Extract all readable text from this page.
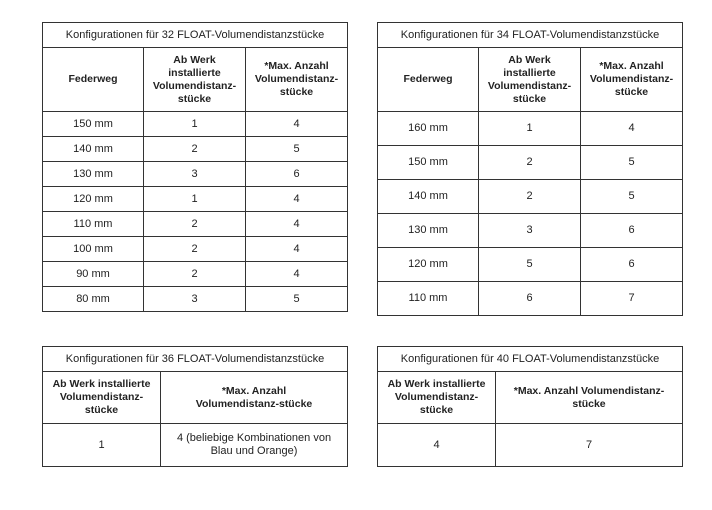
Konfigurationen für 32 FLOAT-Volumendistanzstücke		
Federweg	Ab Werk installierte Volumendistanz-stücke	*Max. Anzahl Volumendistanz-stücke
150 mm	1	4
140 mm	2	5
130 mm	3	6
120 mm	1	4
110 mm	2	4
100 mm	2	4
90 mm	2	4
80 mm	3	5
Konfigurationen für 34 FLOAT-Volumendistanzstücke		
Federweg	Ab Werk installierte Volumendistanz-stücke	*Max. Anzahl Volumendistanz-stücke
160 mm	1	4
150 mm	2	5
140 mm	2	5
130 mm	3	6
120 mm	5	6
110 mm	6	7
Konfigurationen für 36 FLOAT-Volumendistanzstücke	
Ab Werk installierte Volumendistanz-stücke	*Max. Anzahl Volumendistanz-stücke
1	4 (beliebige Kombinationen von Blau und Orange)
Konfigurationen für 40 FLOAT-Volumendistanzstücke	
Ab Werk installierte Volumendistanz-stücke	*Max. Anzahl Volumendistanz-stücke
4	7
